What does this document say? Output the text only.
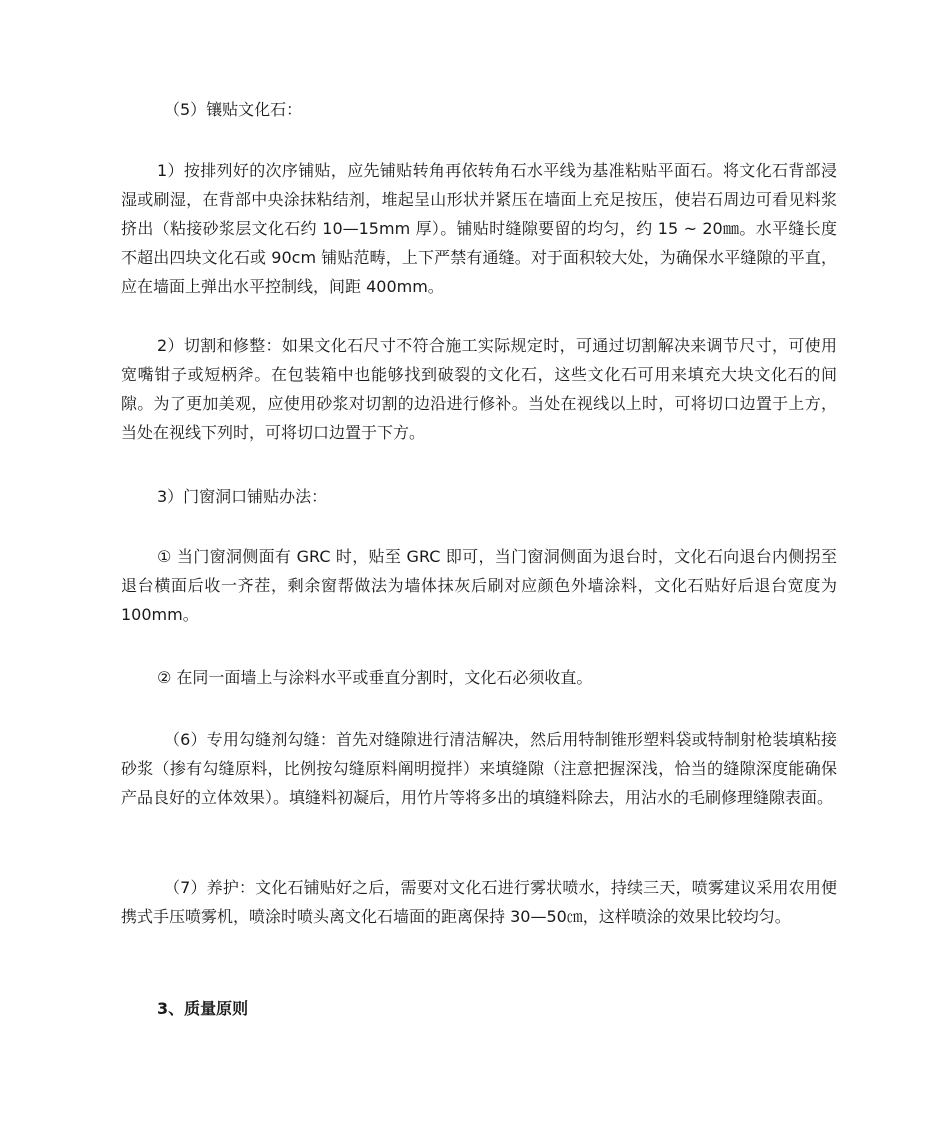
（5）镶贴文化石：

1）按排列好的次序铺贴，应先铺贴转角再依转角石水平线为基准粘贴平面石。将文化石背部浸湿或刷湿，在背部中央涂抹粘结剂，堆起呈山形状并紧压在墙面上充足按压，使岩石周边可看见料浆挤出（粘接砂浆层文化石约 10—15mm 厚）。铺贴时缝隙要留的均匀，约 15 ~ 20㎜。水平缝长度不超出四块文化石或 90cm 铺贴范畴，上下严禁有通缝。对于面积较大处，为确保水平缝隙的平直，应在墙面上弹出水平控制线，间距 400mm。

2）切割和修整：如果文化石尺寸不符合施工实际规定时，可通过切割解决来调节尺寸，可使用宽嘴钳子或短柄斧。在包装箱中也能够找到破裂的文化石，这些文化石可用来填充大块文化石的间隙。为了更加美观，应使用砂浆对切割的边沿进行修补。当处在视线以上时，可将切口边置于上方，当处在视线下列时，可将切口边置于下方。

3）门窗洞口铺贴办法：

① 当门窗洞侧面有 GRC 时，贴至 GRC 即可，当门窗洞侧面为退台时，文化石向退台内侧拐至退台横面后收一齐茬，剩余窗帮做法为墙体抹灰后刷对应颜色外墙涂料，文化石贴好后退台宽度为 100mm。

② 在同一面墙上与涂料水平或垂直分割时，文化石必须收直。

（6）专用勾缝剂勾缝：首先对缝隙进行清洁解决，然后用特制锥形塑料袋或特制射枪装填粘接砂浆（掺有勾缝原料，比例按勾缝原料阐明搅拌）来填缝隙（注意把握深浅，恰当的缝隙深度能确保产品良好的立体效果）。填缝料初凝后，用竹片等将多出的填缝料除去，用沾水的毛刷修理缝隙表面。

（7）养护：文化石铺贴好之后，需要对文化石进行雾状喷水，持续三天，喷雾建议采用农用便携式手压喷雾机，喷涂时喷头离文化石墙面的距离保持 30—50㎝，这样喷涂的效果比较均匀。

3、质量原则
